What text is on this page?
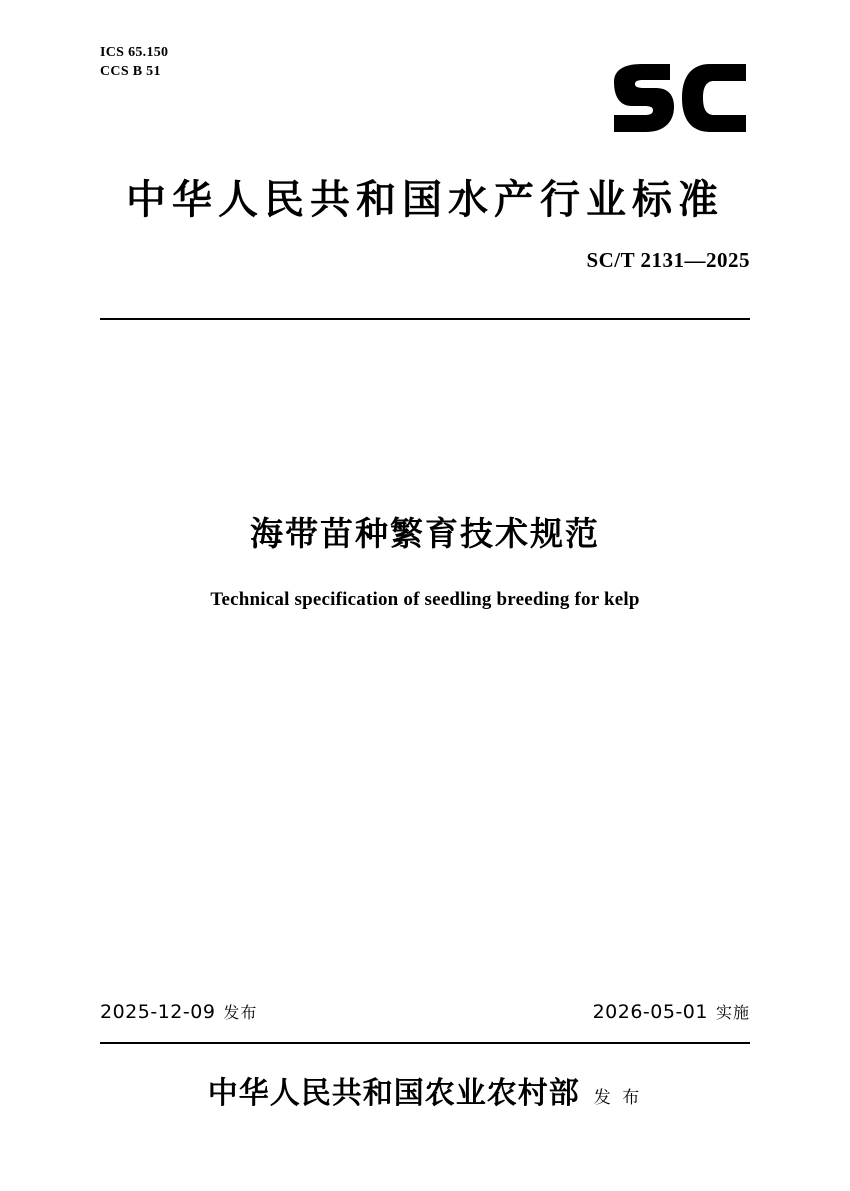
ICS 65.150
CCS B 51
中华人民共和国水产行业标准
SC/T 2131—2025
海带苗种繁育技术规范
Technical specification of seedling breeding for kelp
2025-12-09 发布	2026-05-01 实施
中华人民共和国农业农村部 发 布
